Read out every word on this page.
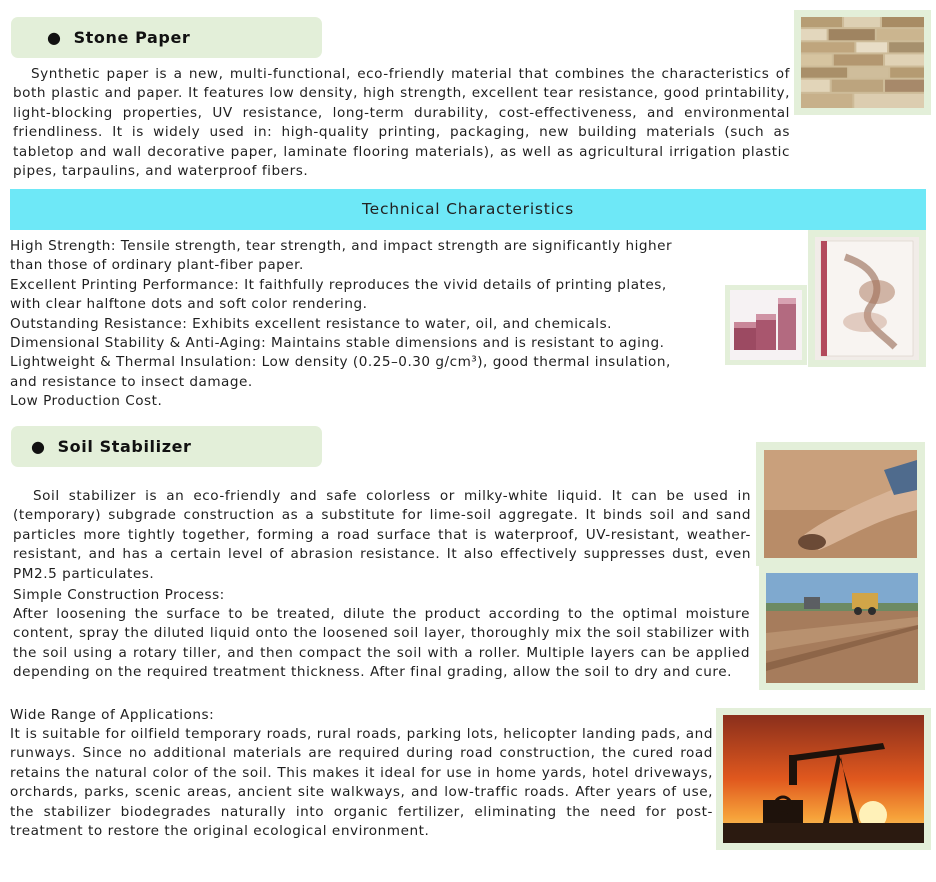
● Stone Paper

Synthetic paper is a new, multi-functional, eco-friendly material that combines the characteristics of both plastic and paper. It features low density, high strength, excellent tear resistance, good printability, light-blocking properties, UV resistance, long-term durability, cost-effectiveness, and environmental friendliness. It is widely used in: high-quality printing, packaging, new building materials (such as tabletop and wall decorative paper, laminate flooring materials), as well as agricultural irrigation plastic pipes, tarpaulins, and waterproof fibers.

Technical Characteristics

High Strength: Tensile strength, tear strength, and impact strength are significantly higher

than those of ordinary plant-fiber paper.

Excellent Printing Performance: It faithfully reproduces the vivid details of printing plates,

with clear halftone dots and soft color rendering.

Outstanding Resistance: Exhibits excellent resistance to water, oil, and chemicals.

Dimensional Stability & Anti-Aging: Maintains stable dimensions and is resistant to aging.

Lightweight & Thermal Insulation: Low density (0.25–0.30 g/cm³), good thermal insulation,

and resistance to insect damage.

Low Production Cost.

● Soil Stabilizer

Soil stabilizer is an eco-friendly and safe colorless or milky-white liquid. It can be used in (temporary) subgrade construction as a substitute for lime-soil aggregate. It binds soil and sand particles more tightly together, forming a road surface that is waterproof, UV-resistant, weather-resistant, and has a certain level of abrasion resistance. It also effectively suppresses dust, even PM2.5 particulates.

Simple Construction Process:

After loosening the surface to be treated, dilute the product according to the optimal moisture content, spray the diluted liquid onto the loosened soil layer, thoroughly mix the soil stabilizer with the soil using a rotary tiller, and then compact the soil with a roller. Multiple layers can be applied depending on the required treatment thickness. After final grading, allow the soil to dry and cure.

Wide Range of Applications:

It is suitable for oilfield temporary roads, rural roads, parking lots, helicopter landing pads, and runways. Since no additional materials are required during road construction, the cured road retains the natural color of the soil. This makes it ideal for use in home yards, hotel driveways, orchards, parks, scenic areas, ancient site walkways, and low-traffic roads. After years of use, the stabilizer biodegrades naturally into organic fertilizer, eliminating the need for post-treatment to restore the original ecological environment.
